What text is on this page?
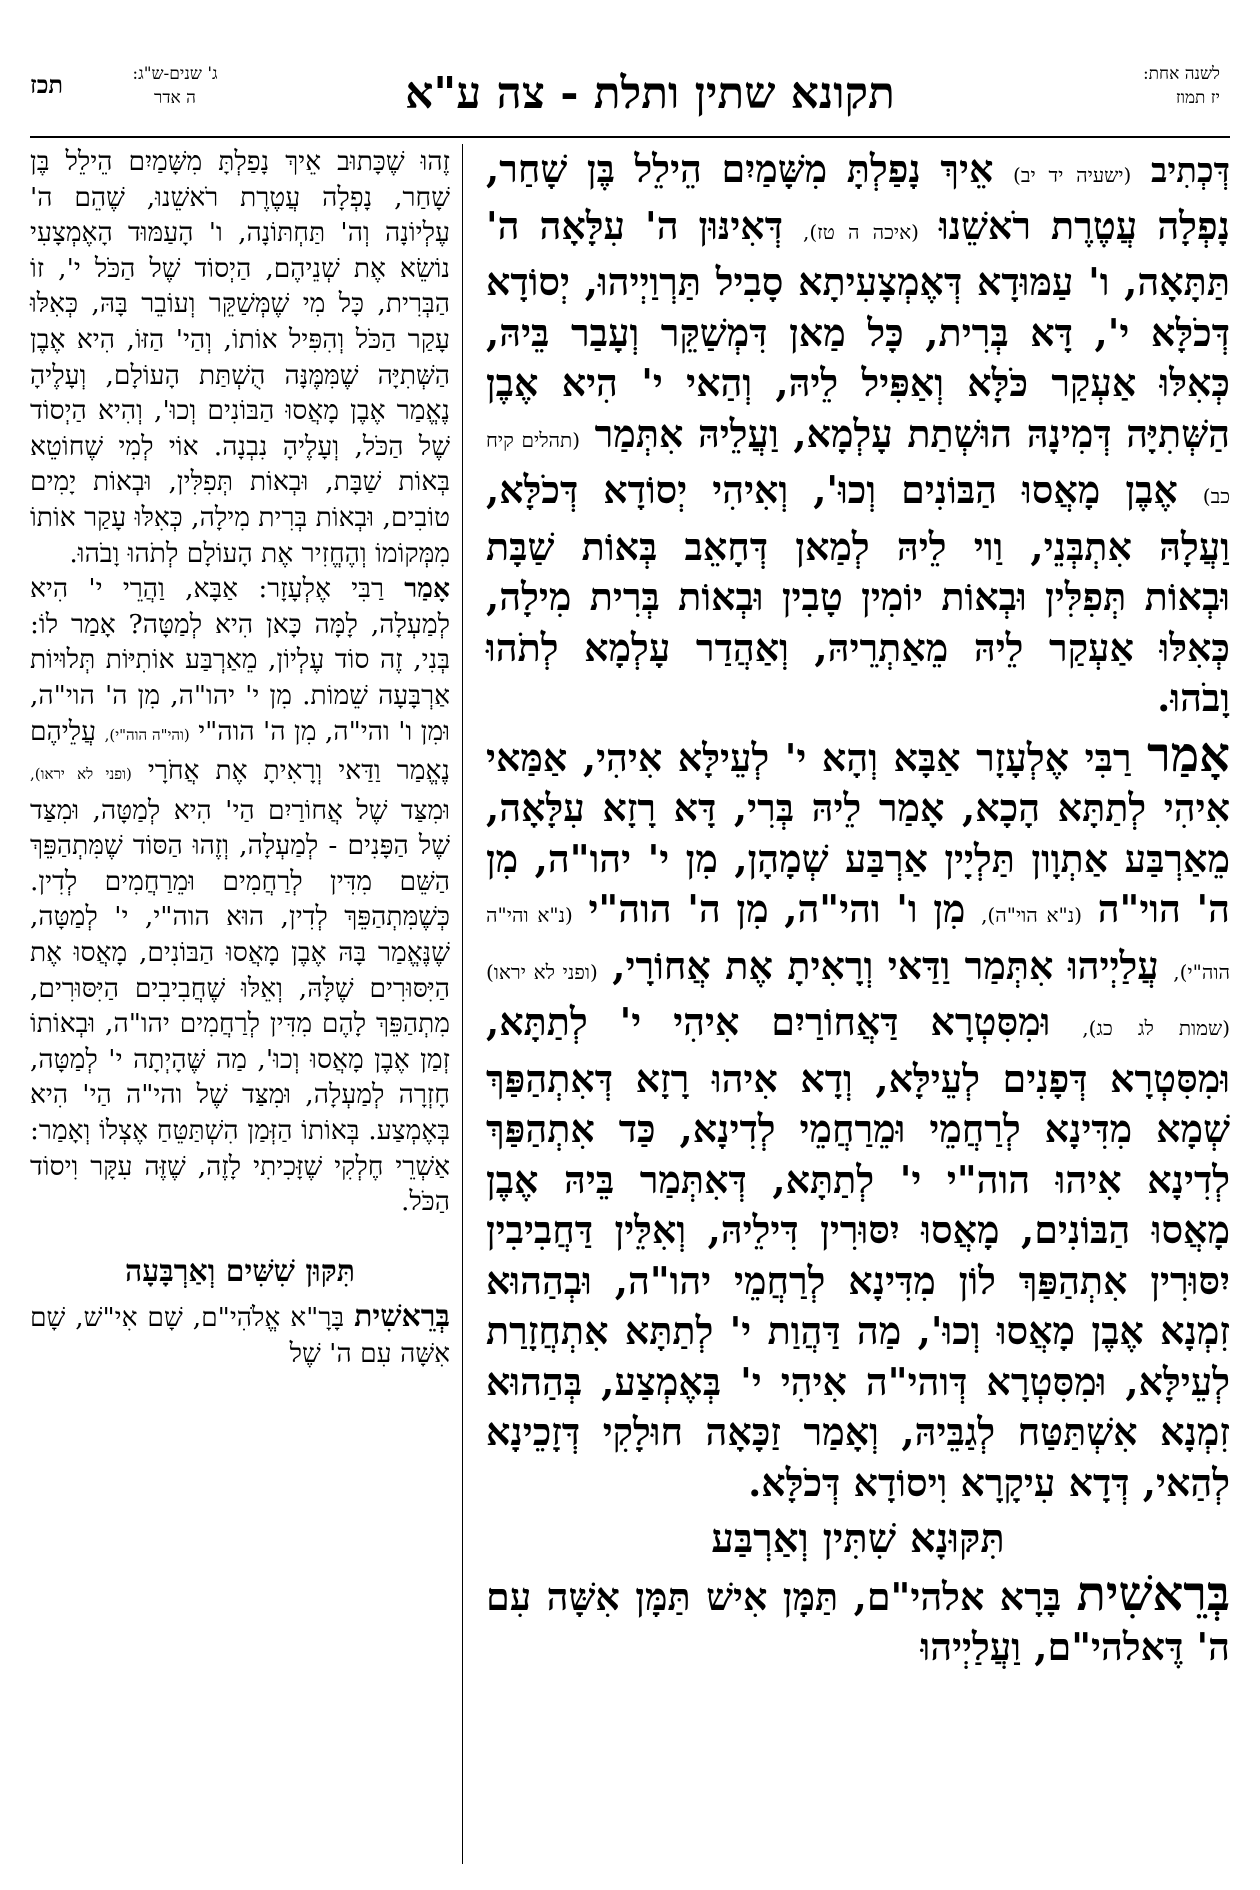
לשנה אחת:
יז תמוז
תקונא שתין ותלת - צה ע"א
ג' שנים-ש"ג:
ה אדר
תכז

דְּכְתִיב (ישעיה יד יב) אֵיךְ נָפַלְתָּ מִשָּׁמַיִם הֵילֵל בֶּן שָׁחַר, נָפְלָה עֲטֶרֶת רֹאשֵׁנוּ (איכה ה טז), דְּאִינּוּן ה' עִלָּאָה ה' תַּתָּאָה, ו' עַמּוּדָא דְּאֶמְצָעִיתָא סָבִיל תַּרְוַיְיהוּ, יְסוֹדָא דְּכֹלָּא י', דָּא בְּרִית, כָּל מַאן דִּמְשַׁקֵּר וְעָבַר בֵּיהּ, כְּאִלּוּ אַעְקַר כֹּלָּא וְאַפִּיל לֵיהּ, וְהַאי י' הִיא אֶבֶן הַשְּׁתִיָּה דְּמִינָהּ הוּשְׁתַת עָלְמָא, וַעֲלֵיהּ אִתְּמַר (תהלים קיח כב) אֶבֶן מָאֲסוּ הַבּוֹנִים וְכוּ', וְאִיהִי יְסוֹדָא דְּכֹלָּא, וַעֲלָהּ אִתְבְּנֵי, וַוי לֵיהּ לְמַאן דְּחָאֵב בְּאוֹת שַׁבָּת וּבְאוֹת תְּפִלִּין וּבְאוֹת יוֹמִין טָבִין וּבְאוֹת בְּרִית מִילָה, כְּאִלּוּ אַעְקַר לֵיהּ מֵאַתְרֵיהּ, וְאַהֲדַר עָלְמָא לְתֹהוּ וָבֹהוּ.

אָמַר רַבִּי אֶלְעָזָר אַבָּא וְהָא י' לְעֵילָּא אִיהִי, אַמַּאי אִיהִי לְתַתָּא הָכָא, אָמַר לֵיהּ בְּרִי, דָּא רָזָא עִלָּאָה, מֵאַרְבַּע אַתְוָון תַּלְיָין אַרְבַּע שְׁמָהָן, מִן י' יהו"ה, מִן ה' הוי"ה (נ"א הוי"ה), מִן ו' והי"ה, מִן ה' הוה"י (נ"א והי"ה הוה"י), עֲלַיְיהוּ אִתְּמַר וַדַּאי וְרָאִיתָ אֶת אֲחוֹרָי, (ופני לא יראו) (שמות לג כג), וּמִסִּטְרָא דַּאֲחוֹרַיִם אִיהִי י' לְתַתָּא, וּמִסִּטְרָא דְּפָנִים לְעֵילָּא, וְדָא אִיהוּ רָזָא דְּאִתְהַפַּךְ שְׁמָא מִדִּינָא לְרַחֲמֵי וּמֵרַחֲמֵי לְדִינָא, כַּד אִתְהַפַּךְ לְדִינָא אִיהוּ הוה"י י' לְתַתָּא, דְּאִתְּמַר בֵּיהּ אֶבֶן מָאֲסוּ הַבּוֹנִים, מָאֲסוּ יִסּוּרִין דִּילֵיהּ, וְאִלֵּין דַּחֲבִיבִין יִסּוּרִין אִתְהַפַּךְ לוֹן מִדִּינָא לְרַחֲמֵי יהו"ה, וּבְהַהוּא זִמְנָא אֶבֶן מָאֲסוּ וְכוּ', מַה דַּהֲוַת י' לְתַתָּא אִתְחֲזָרַת לְעֵילָּא, וּמִסִּטְרָא דְּוהי"ה אִיהִי י' בְּאֶמְצַע, בְּהַהוּא זִמְנָא אִשְׁתַּטַּח לְגַבֵּיהּ, וְאָמַר זַכָּאָה חוּלָקִי דְּזָכֵינָא לְהַאי, דְּדָא עִיקָרָא וִיסוֹדָא דְּכֹלָּא.

תִּקּוּנָא שִׁתִּין וְאַרְבַּע

בְּרֵאשִׁית בָּרָא אלהי"ם, תַּמָּן אִישׁ תַּמָּן אִשָּׁה עִם ה' דֶּאלהי"ם, וַעֲלַיְיהוּ

זֶהוּ שֶׁכָּתוּב אֵיךְ נָפַלְתָּ מִשָּׁמַיִם הֵילֵל בֶּן שָׁחַר, נָפְלָה עֲטֶרֶת רֹאשֵׁנוּ, שֶׁהֵם ה' עֶלְיוֹנָה וְה' תַּחְתּוֹנָה, ו' הָעַמּוּד הָאֶמְצָעִי נוֹשֵׂא אֶת שְׁנֵיהֶם, הַיְסוֹד שֶׁל הַכֹּל י', זוֹ הַבְּרִית, כָּל מִי שֶׁמְּשַׁקֵּר וְעוֹבֵר בָּהּ, כְּאִלּוּ עָקַר הַכֹּל וְהִפִּיל אוֹתוֹ, וְהַי' הַזּוֹ, הִיא אֶבֶן הַשְּׁתִיָּה שֶׁמִּמֶּנָּה הֻשְׁתַּת הָעוֹלָם, וְעָלֶיהָ נֶאֱמַר אֶבֶן מָאֲסוּ הַבּוֹנִים וְכוּ', וְהִיא הַיְסוֹד שֶׁל הַכֹּל, וְעָלֶיהָ נִבְנָה. אוֹי לְמִי שֶׁחוֹטֵא בְּאוֹת שַׁבָּת, וּבְאוֹת תְּפִלִּין, וּבְאוֹת יָמִים טוֹבִים, וּבְאוֹת בְּרִית מִילָה, כְּאִלּוּ עָקַר אוֹתוֹ מִמְּקוֹמוֹ וְהֶחֱזִיר אֶת הָעוֹלָם לְתֹהוּ וָבֹהוּ.

אָמַר רַבִּי אֶלְעָזָר: אַבָּא, וַהֲרֵי י' הִיא לְמַעְלָה, לָמָּה כָּאן הִיא לְמַטָּה? אָמַר לוֹ: בְּנִי, זֶה סוֹד עֶלְיוֹן, מֵאַרְבַּע אוֹתִיּוֹת תְּלוּיוֹת אַרְבָּעָה שֵׁמוֹת. מִן י' יהו"ה, מִן ה' הוי"ה, וּמִן ו' והי"ה, מִן ה' הוה"י (והי"ה הוה"י), עֲלֵיהֶם נֶאֱמַר וַדַּאי וְרָאִיתָ אֶת אֲחֹרָי (ופני לא יראו), וּמִצַּד שֶׁל אֲחוֹרַיִם הַי' הִיא לְמַטָּה, וּמִצַּד שֶׁל הַפָּנִים - לְמַעְלָה, וְזֶהוּ הַסּוֹד שֶׁמִּתְהַפֵּךְ הַשֵּׁם מִדִּין לְרַחֲמִים וּמֵרַחֲמִים לְדִין. כְּשֶׁמִּתְהַפֵּךְ לְדִין, הוּא הוה"י, י' לְמַטָּה, שֶׁנֶּאֱמַר בָּהּ אֶבֶן מָאֲסוּ הַבּוֹנִים, מָאֲסוּ אֶת הַיִּסּוּרִים שֶׁלָּהּ, וְאֵלּוּ שֶׁחֲבִיבִים הַיִּסּוּרִים, מִתְהַפֵּךְ לָהֶם מִדִּין לְרַחֲמִים יהו"ה, וּבְאוֹתוֹ זְמַן אֶבֶן מָאֲסוּ וְכוּ', מַה שֶּׁהָיְתָה י' לְמַטָּה, חָזְרָה לְמַעְלָה, וּמִצַּד שֶׁל והי"ה הַי' הִיא בְּאֶמְצַע. בְּאוֹתוֹ הַזְּמַן הִשְׁתַּטֵּחַ אֶצְלוֹ וְאָמַר: אַשְׁרֵי חֶלְקִי שֶׁזָּכִיתִי לָזֶה, שֶׁזֶּה עִקָּר וִיסוֹד הַכֹּל.

תִּקּוּן שִׁשִּׁים וְאַרְבָּעָה

בְּרֵאשִׁית בָּרָ"א אֱלֹהִי"ם, שָׁם אִי"שׁ, שָׁם אִשָּׁה עִם ה' שֶׁל
